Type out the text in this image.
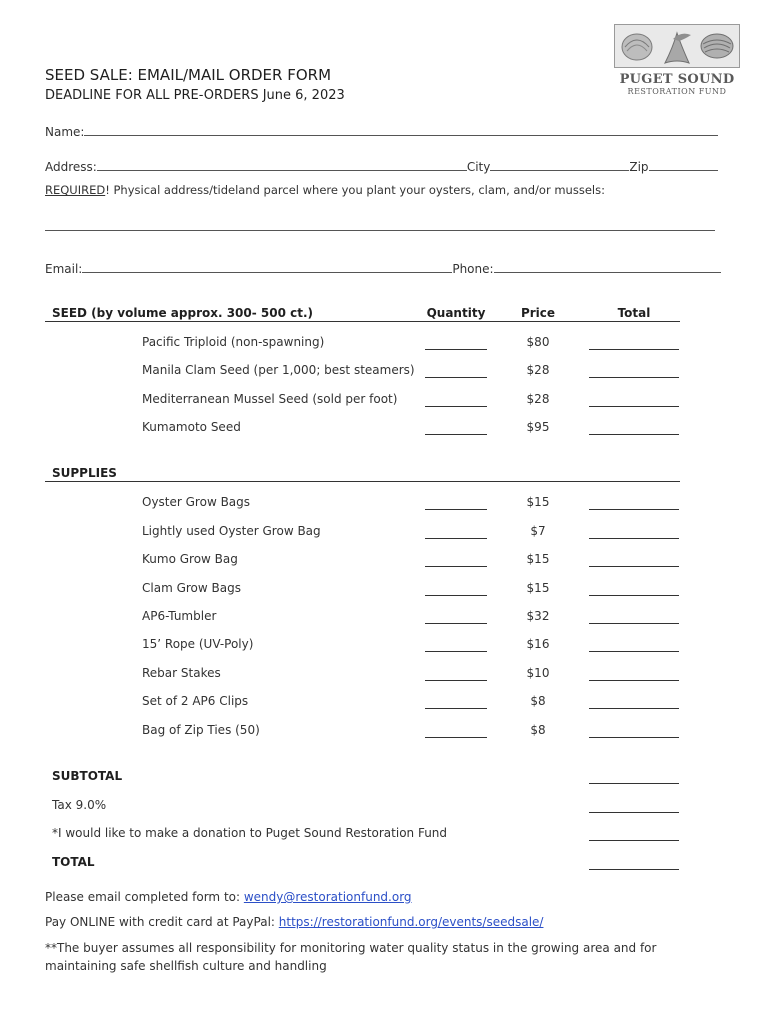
PUGET SOUND
RESTORATION FUND
SEED SALE: EMAIL/MAIL ORDER FORM
DEADLINE FOR ALL PRE-ORDERS June 6, 2023
Name:
Address:	City	Zip
REQUIRED! Physical address/tideland parcel where you plant your oysters, clam, and/or mussels:
Email:	Phone:
SEED (by volume approx. 300- 500 ct.)	Quantity	Price	Total
Pacific Triploid (non-spawning)	$80
Manila Clam Seed (per 1,000; best steamers)	$28
Mediterranean Mussel Seed (sold per foot)	$28
Kumamoto Seed	$95
SUPPLIES
Oyster Grow Bags	$15
Lightly used Oyster Grow Bag	$7
Kumo Grow Bag	$15
Clam Grow Bags	$15
AP6-Tumbler	$32
15’ Rope (UV-Poly)	$16
Rebar Stakes	$10
Set of 2 AP6 Clips	$8
Bag of Zip Ties (50)	$8
SUBTOTAL
Tax 9.0%
*I would like to make a donation to Puget Sound Restoration Fund
TOTAL
Please email completed form to: wendy@restorationfund.org
Pay ONLINE with credit card at PayPal: https://restorationfund.org/events/seedsale/
**The buyer assumes all responsibility for monitoring water quality status in the growing area and for maintaining safe shellfish culture and handling
